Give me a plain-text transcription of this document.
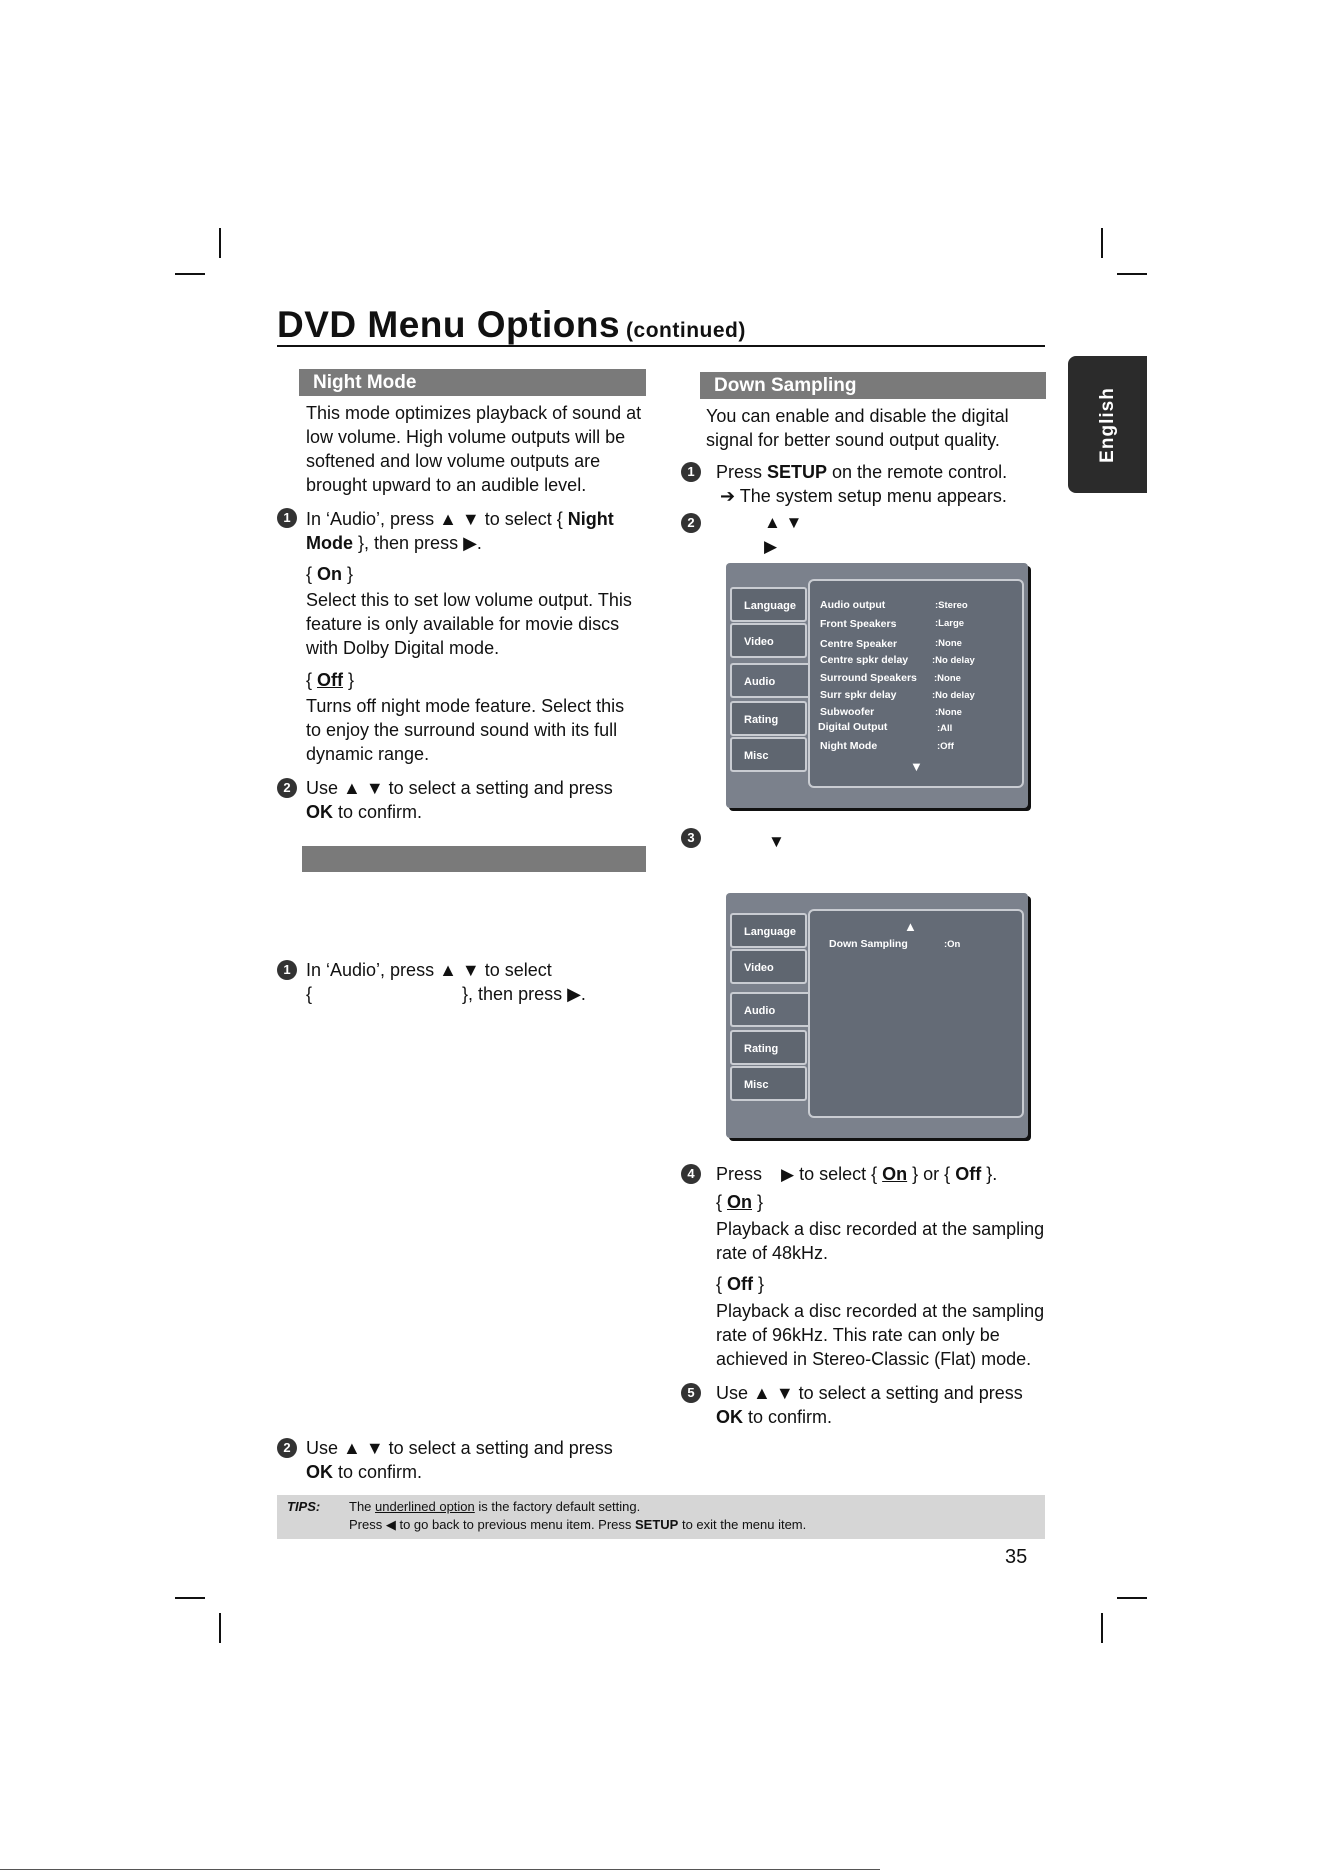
DVD Menu Options (continued)
English
Night Mode
This mode optimizes playback of sound at
low volume. High volume outputs will be
softened and low volume outputs are
brought upward to an audible level.
1 In ‘Audio’, press ▲ ▼ to select { Night
Mode }, then press ▶.
{ On }
Select this to set low volume output. This
feature is only available for movie discs
with Dolby Digital mode.
{ Off }
Turns off night mode feature. Select this
to enjoy the surround sound with its full
dynamic range.
2 Use ▲ ▼ to select a setting and press
OK to confirm.
1 In ‘Audio’, press ▲ ▼ to select
{	}, then press ▶.
2 Use ▲ ▼ to select a setting and press
OK to confirm.
Down Sampling
You can enable and disable the digital
signal for better sound output quality.
1	Press SETUP on the remote control.
➔ The system setup menu appears.
2	▲ ▼
▶
Language
Video
Audio
Rating
Misc
Audio output	:Stereo
Front Speakers	:Large
Centre Speaker	:None
Centre spkr delay	:No delay
Surround Speakers :None
Surr spkr delay	:No delay
Subwoofer	:None
Digital Output	:All
Night Mode	:Off
▼
3	▼
Language
Video
Audio
Rating
Misc
▲
Down Sampling	:On
4	Press ▶ to select { On } or { Off }.
{ On }
Playback a disc recorded at the sampling
rate of 48kHz.
{ Off }
Playback a disc recorded at the sampling
rate of 96kHz. This rate can only be
achieved in Stereo-Classic (Flat) mode.
5	Use ▲ ▼ to select a setting and press
OK to confirm.
TIPS: The underlined option is the factory default setting.
Press ◀ to go back to previous menu item. Press SETUP to exit the menu item.
35
